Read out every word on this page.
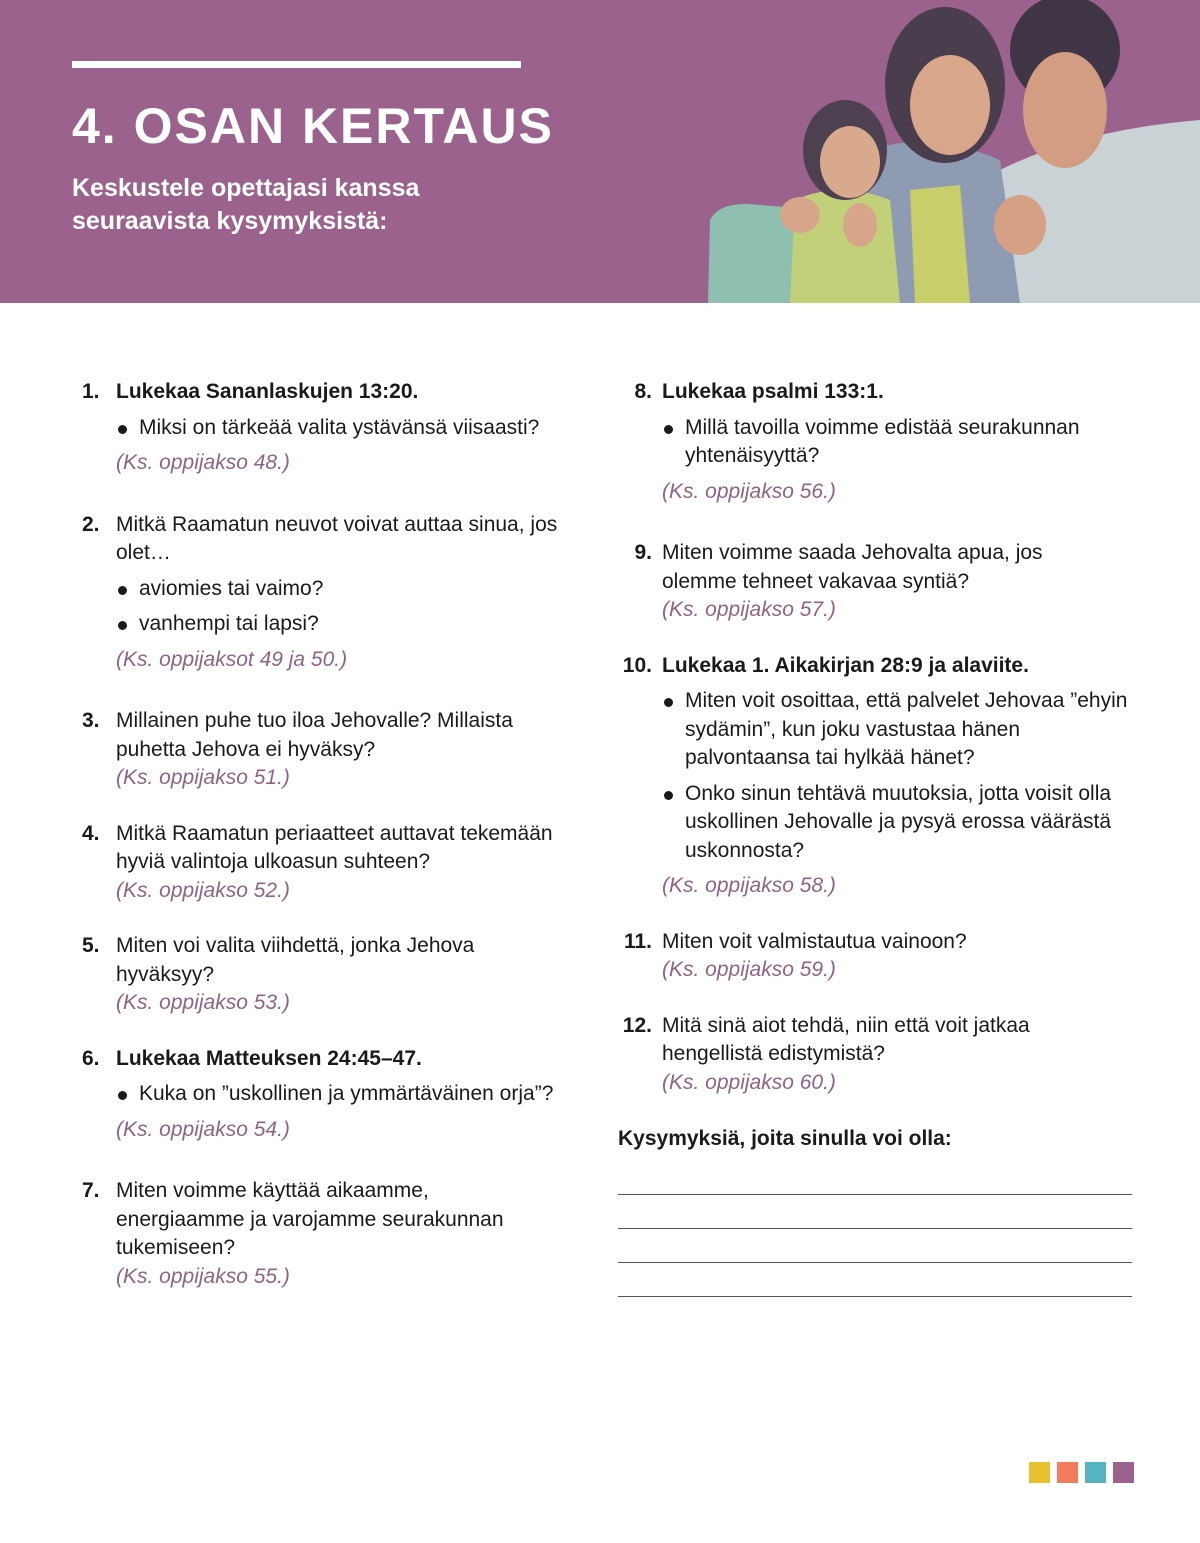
4. OSAN KERTAUS

Keskustele opettajasi kanssa seuraavista kysymyksistä:

1. Lukekaa Sananlaskujen 13:20.
Miksi on tärkeää valita ystävänsä viisaasti?
(Ks. oppijakso 48.)
2. Mitkä Raamatun neuvot voivat auttaa sinua, jos olet…
aviomies tai vaimo?
vanhempi tai lapsi?
(Ks. oppijaksot 49 ja 50.)
3. Millainen puhe tuo iloa Jehovalle? Millaista puhetta Jehova ei hyväksy?
(Ks. oppijakso 51.)
4. Mitkä Raamatun periaatteet auttavat tekemään hyviä valintoja ulkoasun suhteen?
(Ks. oppijakso 52.)
5. Miten voi valita viihdettä, jonka Jehova hyväksyy?
(Ks. oppijakso 53.)
6. Lukekaa Matteuksen 24:45–47.
Kuka on ”uskollinen ja ymmärtäväinen orja”?
(Ks. oppijakso 54.)
7. Miten voimme käyttää aikaamme, energiaamme ja varojamme seurakunnan tukemiseen?
(Ks. oppijakso 55.)
8. Lukekaa psalmi 133:1.
Millä tavoilla voimme edistää seurakunnan yhtenäisyyttä?
(Ks. oppijakso 56.)
9. Miten voimme saada Jehovalta apua, jos olemme tehneet vakavaa syntiä?
(Ks. oppijakso 57.)
10. Lukekaa 1. Aikakirjan 28:9 ja alaviite.
Miten voit osoittaa, että palvelet Jehovaa ”ehyin sydämin”, kun joku vastustaa hänen palvontaansa tai hylkää hänet?
Onko sinun tehtävä muutoksia, jotta voisit olla uskollinen Jehovalle ja pysyä erossa väärästä uskonnosta?
(Ks. oppijakso 58.)
11. Miten voit valmistautua vainoon?
(Ks. oppijakso 59.)
12. Mitä sinä aiot tehdä, niin että voit jatkaa hengellistä edistymistä?
(Ks. oppijakso 60.)
Kysymyksiä, joita sinulla voi olla:
